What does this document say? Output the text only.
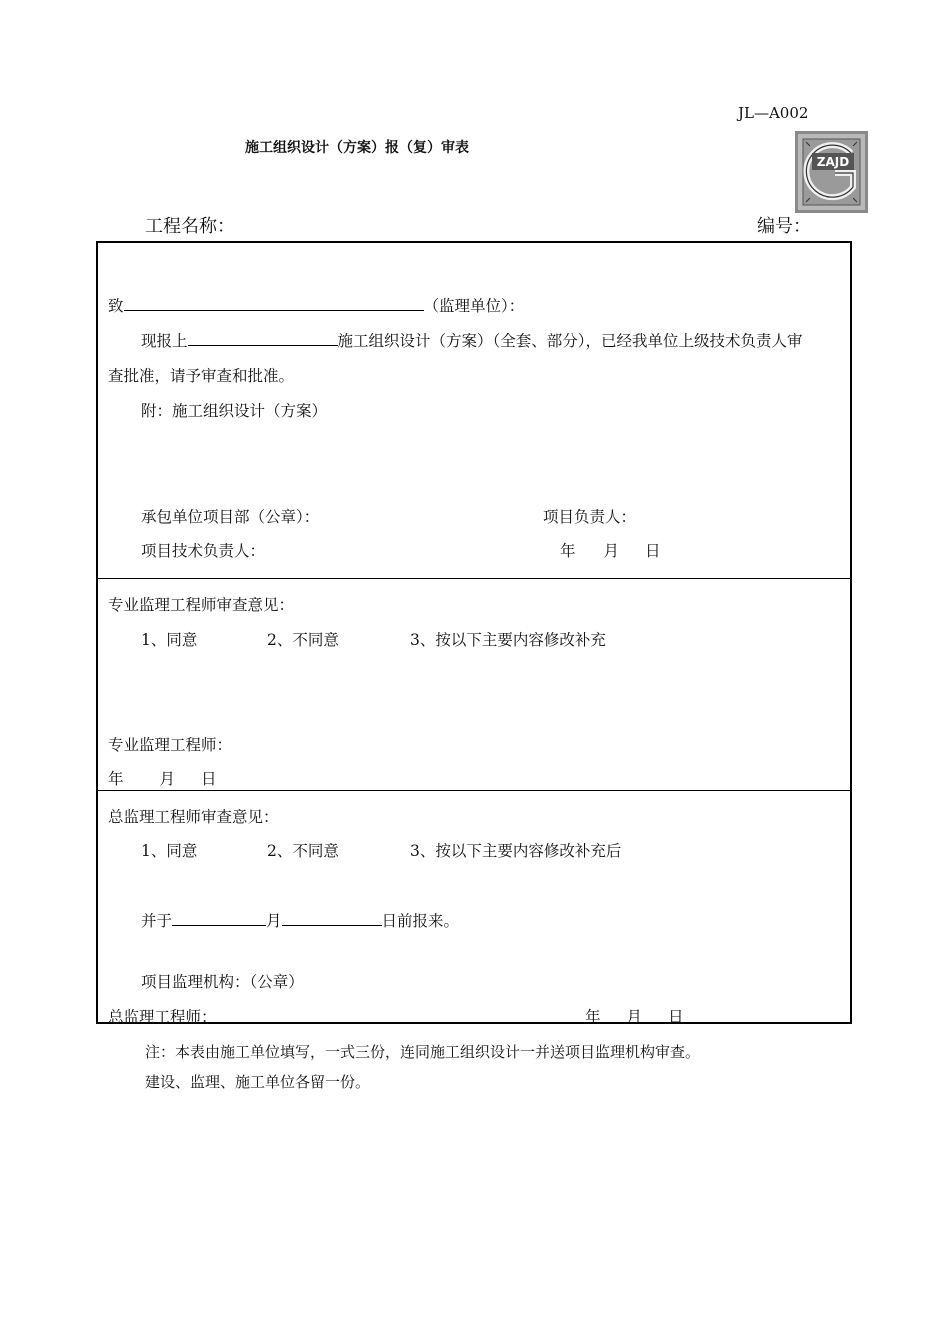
JL—A002
施工组织设计（方案）报（复）审表
ZAJD
工程名称：	编号：
致	（监理单位）：
现报上	施工组织设计（方案）（全套、部分），已经我单位上级技术负责人审
查批准，请予审查和批准。
附：施工组织设计（方案）
承包单位项目部（公章）：	项目负责人：
项目技术负责人：	年 月 日
专业监理工程师审查意见：
1、同意	2、不同意	3、按以下主要内容修改补充
专业监理工程师：
年 月 日
总监理工程师审查意见：
1、同意	2、不同意	3、按以下主要内容修改补充后
并于	月	日前报来。
项目监理机构：（公章）
总监理工程师：	年 月 日
注：本表由施工单位填写，一式三份，连同施工组织设计一并送项目监理机构审查。
建设、监理、施工单位各留一份。
